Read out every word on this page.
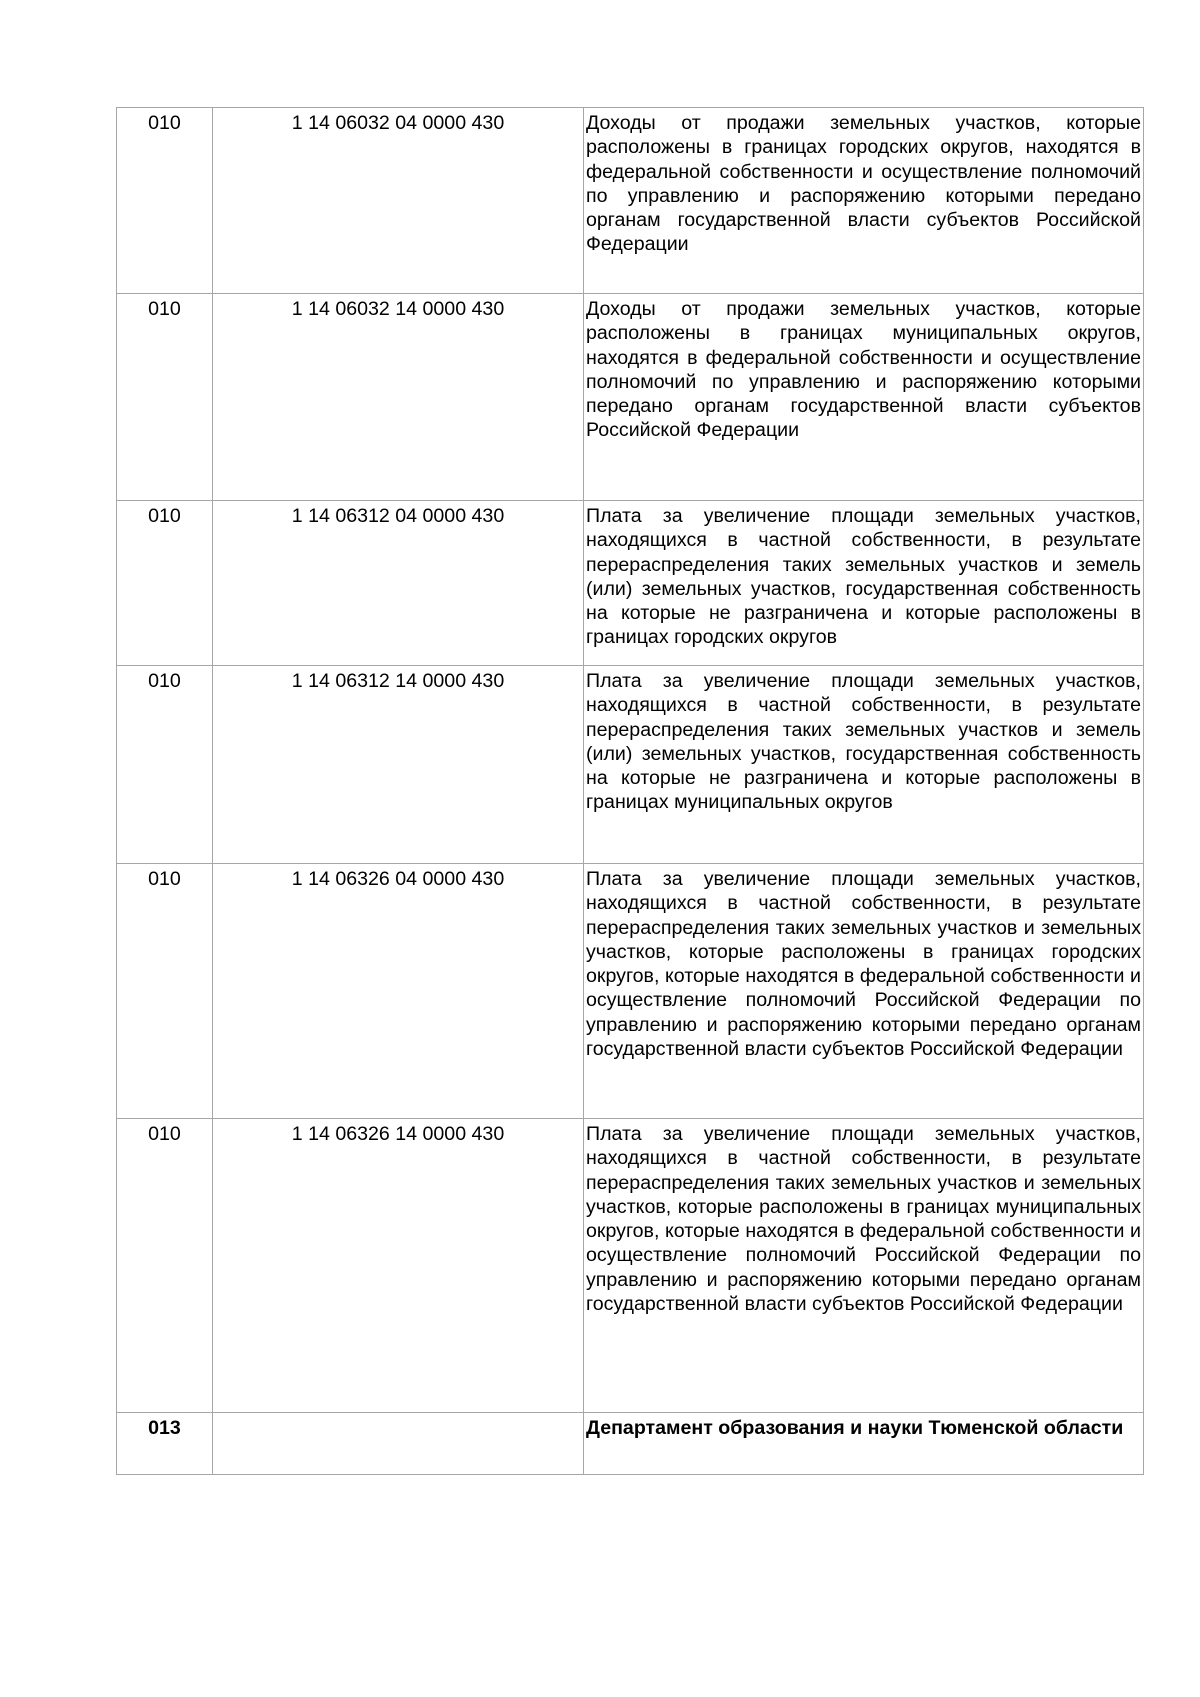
010	1 14 06032 04 0000 430	Доходы от продажи земельных участков, которые расположены в границах городских округов, находятся в федеральной собственности и осуществление полномочий по управлению и распоряжению которыми передано органам государственной власти субъектов Российской Федерации
010	1 14 06032 14 0000 430	Доходы от продажи земельных участков, которые расположены в границах муниципальных округов, находятся в федеральной собственности и осуществление полномочий по управлению и распоряжению которыми передано органам государственной власти субъектов Российской Федерации
010	1 14 06312 04 0000 430	Плата за увеличение площади земельных участков, находящихся в частной собственности, в результате перераспределения таких земельных участков и земель (или) земельных участков, государственная собственность на которые не разграничена и которые расположены в границах городских округов
010	1 14 06312 14 0000 430	Плата за увеличение площади земельных участков, находящихся в частной собственности, в результате перераспределения таких земельных участков и земель (или) земельных участков, государственная собственность на которые не разграничена и которые расположены в границах муниципальных округов
010	1 14 06326 04 0000 430	Плата за увеличение площади земельных участков, находящихся в частной собственности, в результате перераспределения таких земельных участков и земельных участков, которые расположены в границах городских округов, которые находятся в федеральной собственности и осуществление полномочий Российской Федерации по управлению и распоряжению которыми передано органам государственной власти субъектов Российской Федерации
010	1 14 06326 14 0000 430	Плата за увеличение площади земельных участков, находящихся в частной собственности, в результате перераспределения таких земельных участков и земельных участков, которые расположены в границах муниципальных округов, которые находятся в федеральной собственности и осуществление полномочий Российской Федерации по управлению и распоряжению которыми передано органам государственной власти субъектов Российской Федерации
013		Департамент образования и науки Тюменской области
